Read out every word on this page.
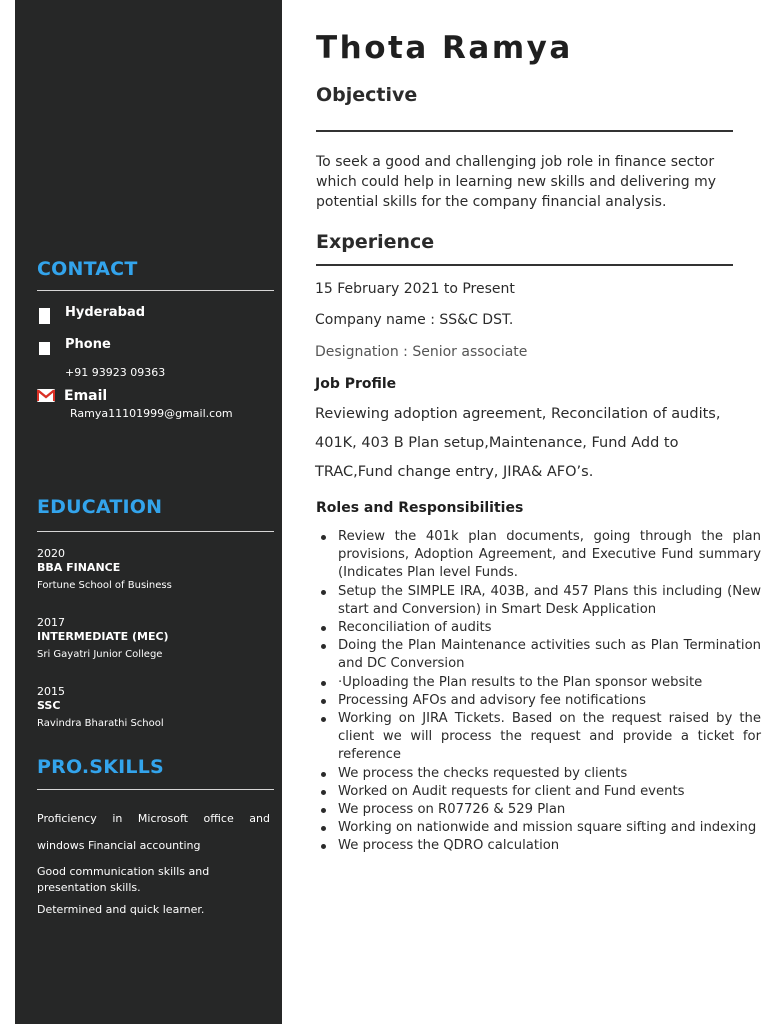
CONTACT
Hyderabad
Phone
+91 93923 09363
Email
Ramya11101999@gmail.com
EDUCATION
2020
BBA FINANCE
Fortune School of Business
2017
INTERMEDIATE (MEC)
Sri Gayatri Junior College
2015
SSC
Ravindra Bharathi School
PRO.SKILLS
Proficiency in Microsoft office and
windows Financial accounting
Good communication skills and presentation skills.
Determined and quick learner.
Thota Ramya
Objective
To seek a good and challenging job role in finance sector which could help in learning new skills and delivering my potential skills for the company financial analysis.
Experience
15 February 2021 to Present
Company name : SS&C DST.
Designation : Senior associate
Job Profile
Reviewing adoption agreement, Reconcilation of audits,
401K, 403 B Plan setup,Maintenance, Fund Add to
TRAC,Fund change entry, JIRA& AFO’s.
Roles and Responsibilities
Review the 401k plan documents, going through the plan provisions, Adoption Agreement, and Executive Fund summary (Indicates Plan level Funds.
Setup the SIMPLE IRA, 403B, and 457 Plans this including (New start and Conversion) in Smart Desk Application
Reconciliation of audits
Doing the Plan Maintenance activities such as Plan Termination and DC Conversion
·Uploading the Plan results to the Plan sponsor website
Processing AFOs and advisory fee notifications
Working on JIRA Tickets. Based on the request raised by the client we will process the request and provide a ticket for reference
We process the checks requested by clients
Worked on Audit requests for client and Fund events
We process on R07726 & 529 Plan
Working on nationwide and mission square sifting and indexing
We process the QDRO calculation
